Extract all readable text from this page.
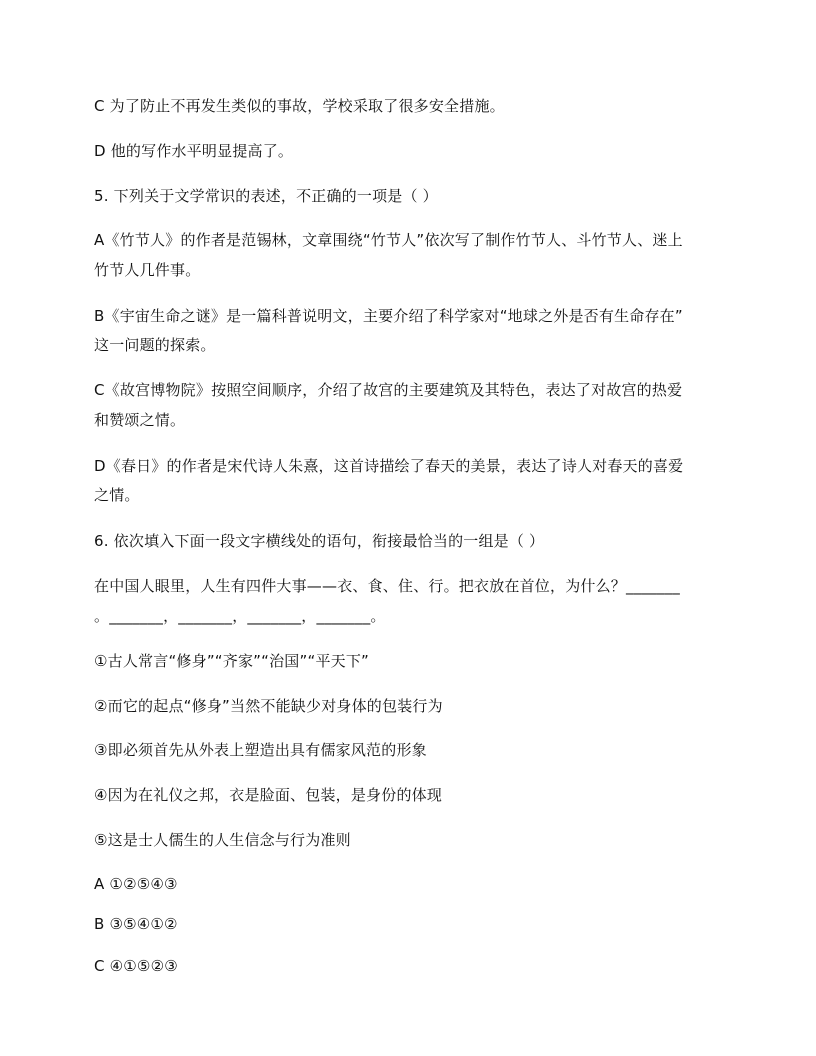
C 为了防止不再发生类似的事故，学校采取了很多安全措施。
D 他的写作水平明显提高了。
5. 下列关于文学常识的表述，不正确的一项是（ ）
A《竹节人》的作者是范锡林，文章围绕“竹节人”依次写了制作竹节人、斗竹节人、迷上
竹节人几件事。
B《宇宙生命之谜》是一篇科普说明文，主要介绍了科学家对“地球之外是否有生命存在”
这一问题的探索。
C《故宫博物院》按照空间顺序，介绍了故宫的主要建筑及其特色，表达了对故宫的热爱
和赞颂之情。
D《春日》的作者是宋代诗人朱熹，这首诗描绘了春天的美景，表达了诗人对春天的喜爱
之情。
6. 依次填入下面一段文字横线处的语句，衔接最恰当的一组是（ ）
在中国人眼里，人生有四件大事——衣、食、住、行。把衣放在首位，为什么？_______
。_______，_______，_______，_______。
①古人常言“修身”“齐家”“治国”“平天下”
②而它的起点“修身”当然不能缺少对身体的包装行为
③即必须首先从外表上塑造出具有儒家风范的形象
④因为在礼仪之邦，衣是脸面、包装，是身份的体现
⑤这是士人儒生的人生信念与行为准则
A ①②⑤④③
B ③⑤④①②
C ④①⑤②③
